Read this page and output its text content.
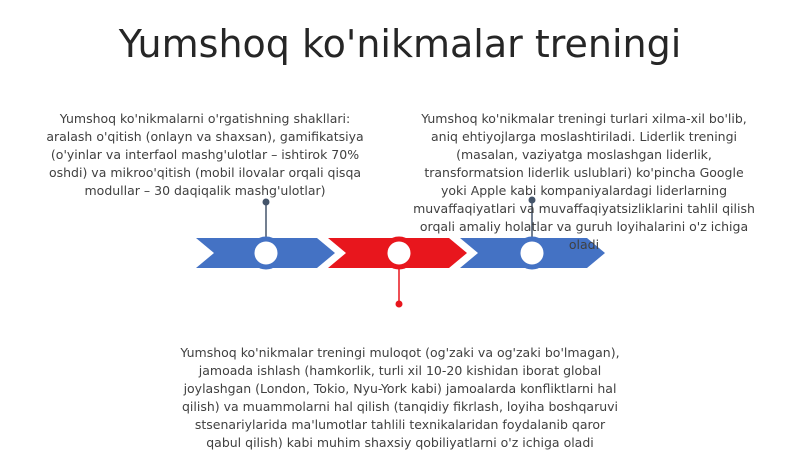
Yumshoq ko'nikmalar treningi
Yumshoq ko'nikmalarni o'rgatishning shakllari: aralash o'qitish (onlayn va shaxsan), gamifikatsiya (o'yinlar va interfaol mashg'ulotlar – ishtirok 70% oshdi) va mikroo'qitish (mobil ilovalar orqali qisqa modullar – 30 daqiqalik mashg'ulotlar)
Yumshoq ko'nikmalar treningi turlari xilma-xil bo'lib, aniq ehtiyojlarga moslashtiriladi. Liderlik treningi (masalan, vaziyatga moslashgan liderlik, transformatsion liderlik uslublari) ko'pincha Google yoki Apple kabi kompaniyalardagi liderlarning muvaffaqiyatlari va muvaffaqiyatsizliklarini tahlil qilish orqali amaliy holatlar va guruh loyihalarini o'z ichiga oladi
Yumshoq ko'nikmalar treningi muloqot (og'zaki va og'zaki bo'lmagan), jamoada ishlash (hamkorlik, turli xil 10-20 kishidan iborat global joylashgan (London, Tokio, Nyu-York kabi) jamoalarda konfliktlarni hal qilish) va muammolarni hal qilish (tanqidiy fikrlash, loyiha boshqaruvi stsenariylarida ma'lumotlar tahlili texnikalaridan foydalanib qaror qabul qilish) kabi muhim shaxsiy qobiliyatlarni o'z ichiga oladi
